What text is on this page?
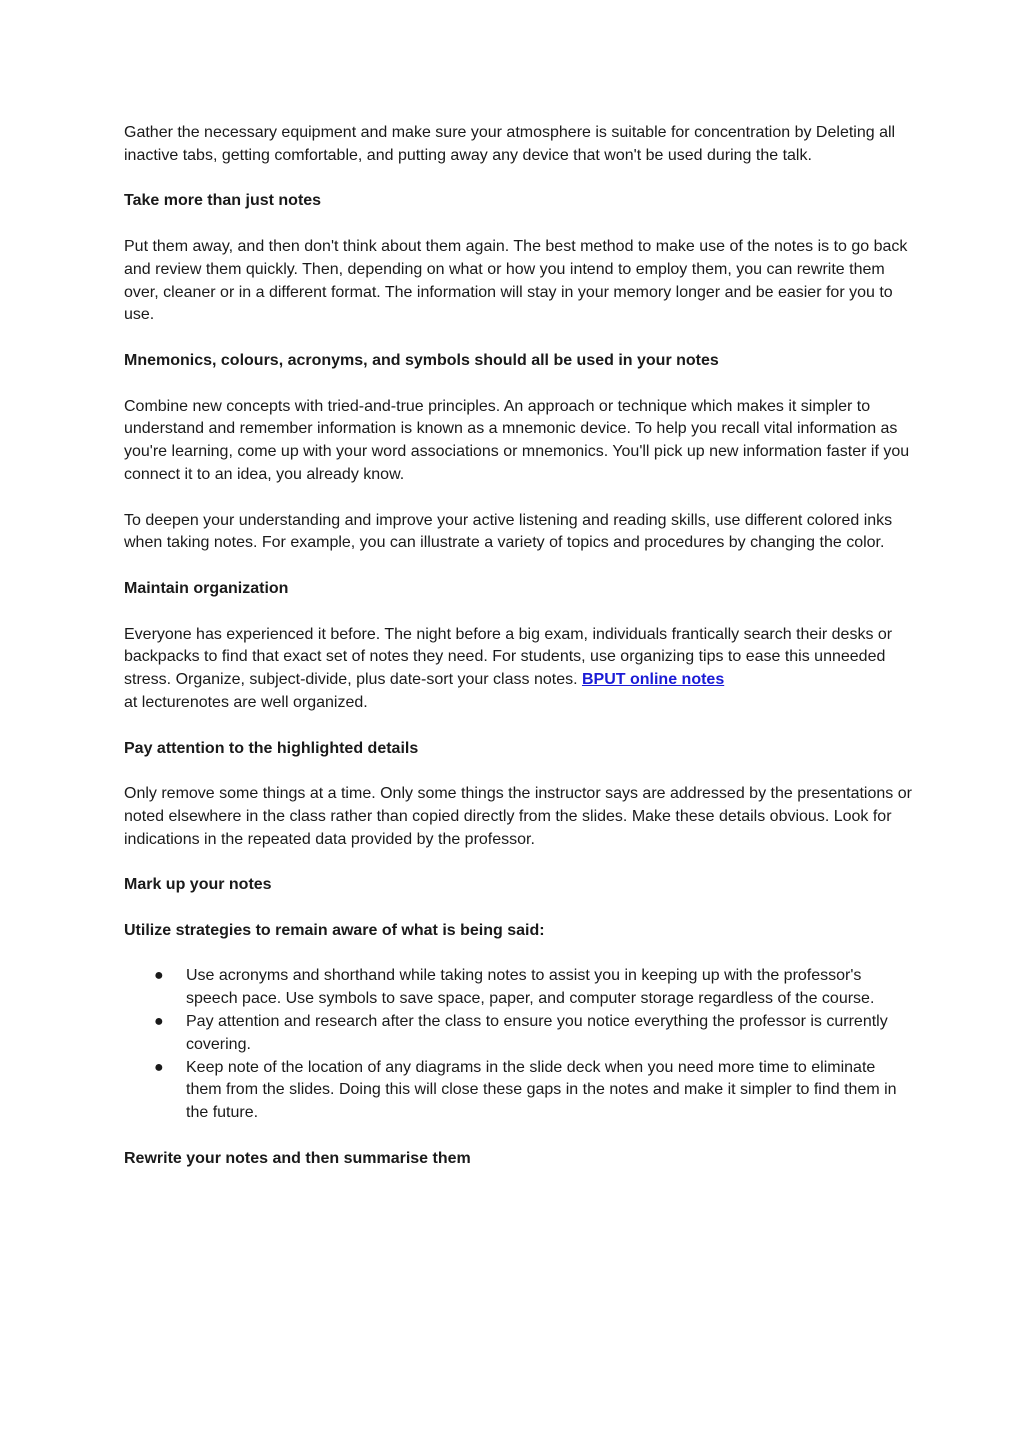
Gather the necessary equipment and make sure your atmosphere is suitable for concentration by Deleting all inactive tabs, getting comfortable, and putting away any device that won't be used during the talk.

Take more than just notes

Put them away, and then don't think about them again. The best method to make use of the notes is to go back and review them quickly. Then, depending on what or how you intend to employ them, you can rewrite them over, cleaner or in a different format. The information will stay in your memory longer and be easier for you to use.

Mnemonics, colours, acronyms, and symbols should all be used in your notes

Combine new concepts with tried-and-true principles. An approach or technique which makes it simpler to understand and remember information is known as a mnemonic device. To help you recall vital information as you're learning, come up with your word associations or mnemonics. You'll pick up new information faster if you connect it to an idea, you already know.

To deepen your understanding and improve your active listening and reading skills, use different colored inks when taking notes. For example, you can illustrate a variety of topics and procedures by changing the color.

Maintain organization

Everyone has experienced it before. The night before a big exam, individuals frantically search their desks or backpacks to find that exact set of notes they need. For students, use organizing tips to ease this unneeded stress. Organize, subject-divide, plus date-sort your class notes. BPUT online notes
at lecturenotes are well organized.

Pay attention to the highlighted details

Only remove some things at a time. Only some things the instructor says are addressed by the presentations or noted elsewhere in the class rather than copied directly from the slides. Make these details obvious. Look for indications in the repeated data provided by the professor.

Mark up your notes

Utilize strategies to remain aware of what is being said:

● Use acronyms and shorthand while taking notes to assist you in keeping up with the professor's speech pace. Use symbols to save space, paper, and computer storage regardless of the course.
● Pay attention and research after the class to ensure you notice everything the professor is currently covering.
● Keep note of the location of any diagrams in the slide deck when you need more time to eliminate them from the slides. Doing this will close these gaps in the notes and make it simpler to find them in the future.

Rewrite your notes and then summarise them
